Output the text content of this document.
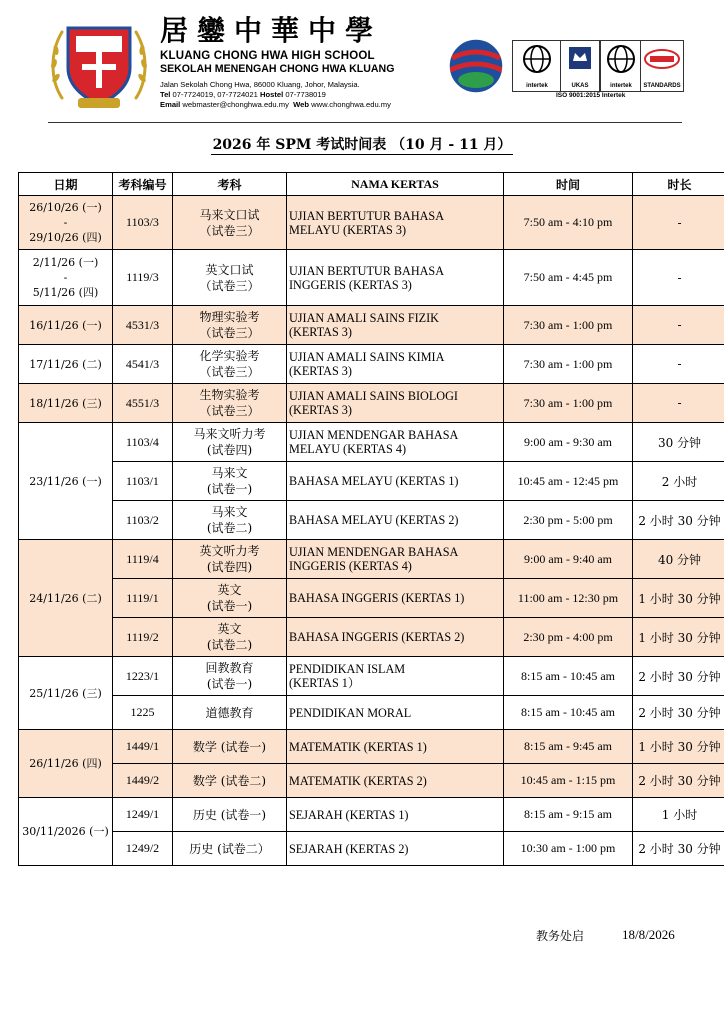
居鑾中華中學

KLUANG CHONG HWA HIGH SCHOOL

SEKOLAH MENENGAH CHONG HWA KLUANG

Jalan Sekolah Chong Hwa, 86000 Kluang, Johor, Malaysia.

Tel 07-7724019, 07-7724021 Hostel 07-7738019

Email webmaster@chonghwa.edu.my Web www.chonghwa.edu.my

intertek	UKAS	intertek	STANDARDS
ISO 9001:2015 Intertek
2026 年 SPM 考试时间表 （10 月 - 11 月）
日期	考科编号	考科	NAMA KERTAS	时间	时长
26/10/26 (一)
-
29/10/26 (四)	1103/3	马来文口试
（试卷三）	UJIAN BERTUTUR BAHASA
MELAYU (KERTAS 3)	7:50 am - 4:10 pm	-
2/11/26 (一)
-
5/11/26 (四)	1119/3	英文口试
（试卷三）	UJIAN BERTUTUR BAHASA
INGGERIS (KERTAS 3)	7:50 am - 4:45 pm	-
16/11/26 (一)	4531/3	物理实验考
（试卷三）	UJIAN AMALI SAINS FIZIK
(KERTAS 3)	7:30 am - 1:00 pm	-
17/11/26 (二)	4541/3	化学实验考
（试卷三）	UJIAN AMALI SAINS KIMIA
(KERTAS 3)	7:30 am - 1:00 pm	-
18/11/26 (三)	4551/3	生物实验考
（试卷三）	UJIAN AMALI SAINS BIOLOGI
(KERTAS 3)	7:30 am - 1:00 pm	-
23/11/26 (一)	1103/4	马来文听力考
(试卷四)	UJIAN MENDENGAR BAHASA
MELAYU (KERTAS 4)	9:00 am - 9:30 am	30 分钟
	1103/1	马来文
(试卷一)	BAHASA MELAYU (KERTAS 1)	10:45 am - 12:45 pm	2 小时
	1103/2	马来文
(试卷二)	BAHASA MELAYU (KERTAS 2)	2:30 pm - 5:00 pm	2 小时 30 分钟
24/11/26 (二)	1119/4	英文听力考
(试卷四)	UJIAN MENDENGAR BAHASA
INGGERIS (KERTAS 4)	9:00 am - 9:40 am	40 分钟
	1119/1	英文
(试卷一)	BAHASA INGGERIS (KERTAS 1)	11:00 am - 12:30 pm	1 小时 30 分钟
	1119/2	英文
(试卷二)	BAHASA INGGERIS (KERTAS 2)	2:30 pm - 4:00 pm	1 小时 30 分钟
25/11/26 (三)	1223/1	回教教育
(试卷一)	PENDIDIKAN ISLAM
(KERTAS 1）	8:15 am - 10:45 am	2 小时 30 分钟
	1225	道德教育	PENDIDIKAN MORAL	8:15 am - 10:45 am	2 小时 30 分钟
26/11/26 (四)	1449/1	数学 (试卷一)	MATEMATIK (KERTAS 1)	8:15 am - 9:45 am	1 小时 30 分钟
	1449/2	数学 (试卷二)	MATEMATIK (KERTAS 2)	10:45 am - 1:15 pm	2 小时 30 分钟
30/11/2026 (一)	1249/1	历史 (试卷一)	SEJARAH (KERTAS 1)	8:15 am - 9:15 am	1 小时
	1249/2	历史 (试卷二）	SEJARAH (KERTAS 2)	10:30 am - 1:00 pm	2 小时 30 分钟
教务处启	18/8/2026
